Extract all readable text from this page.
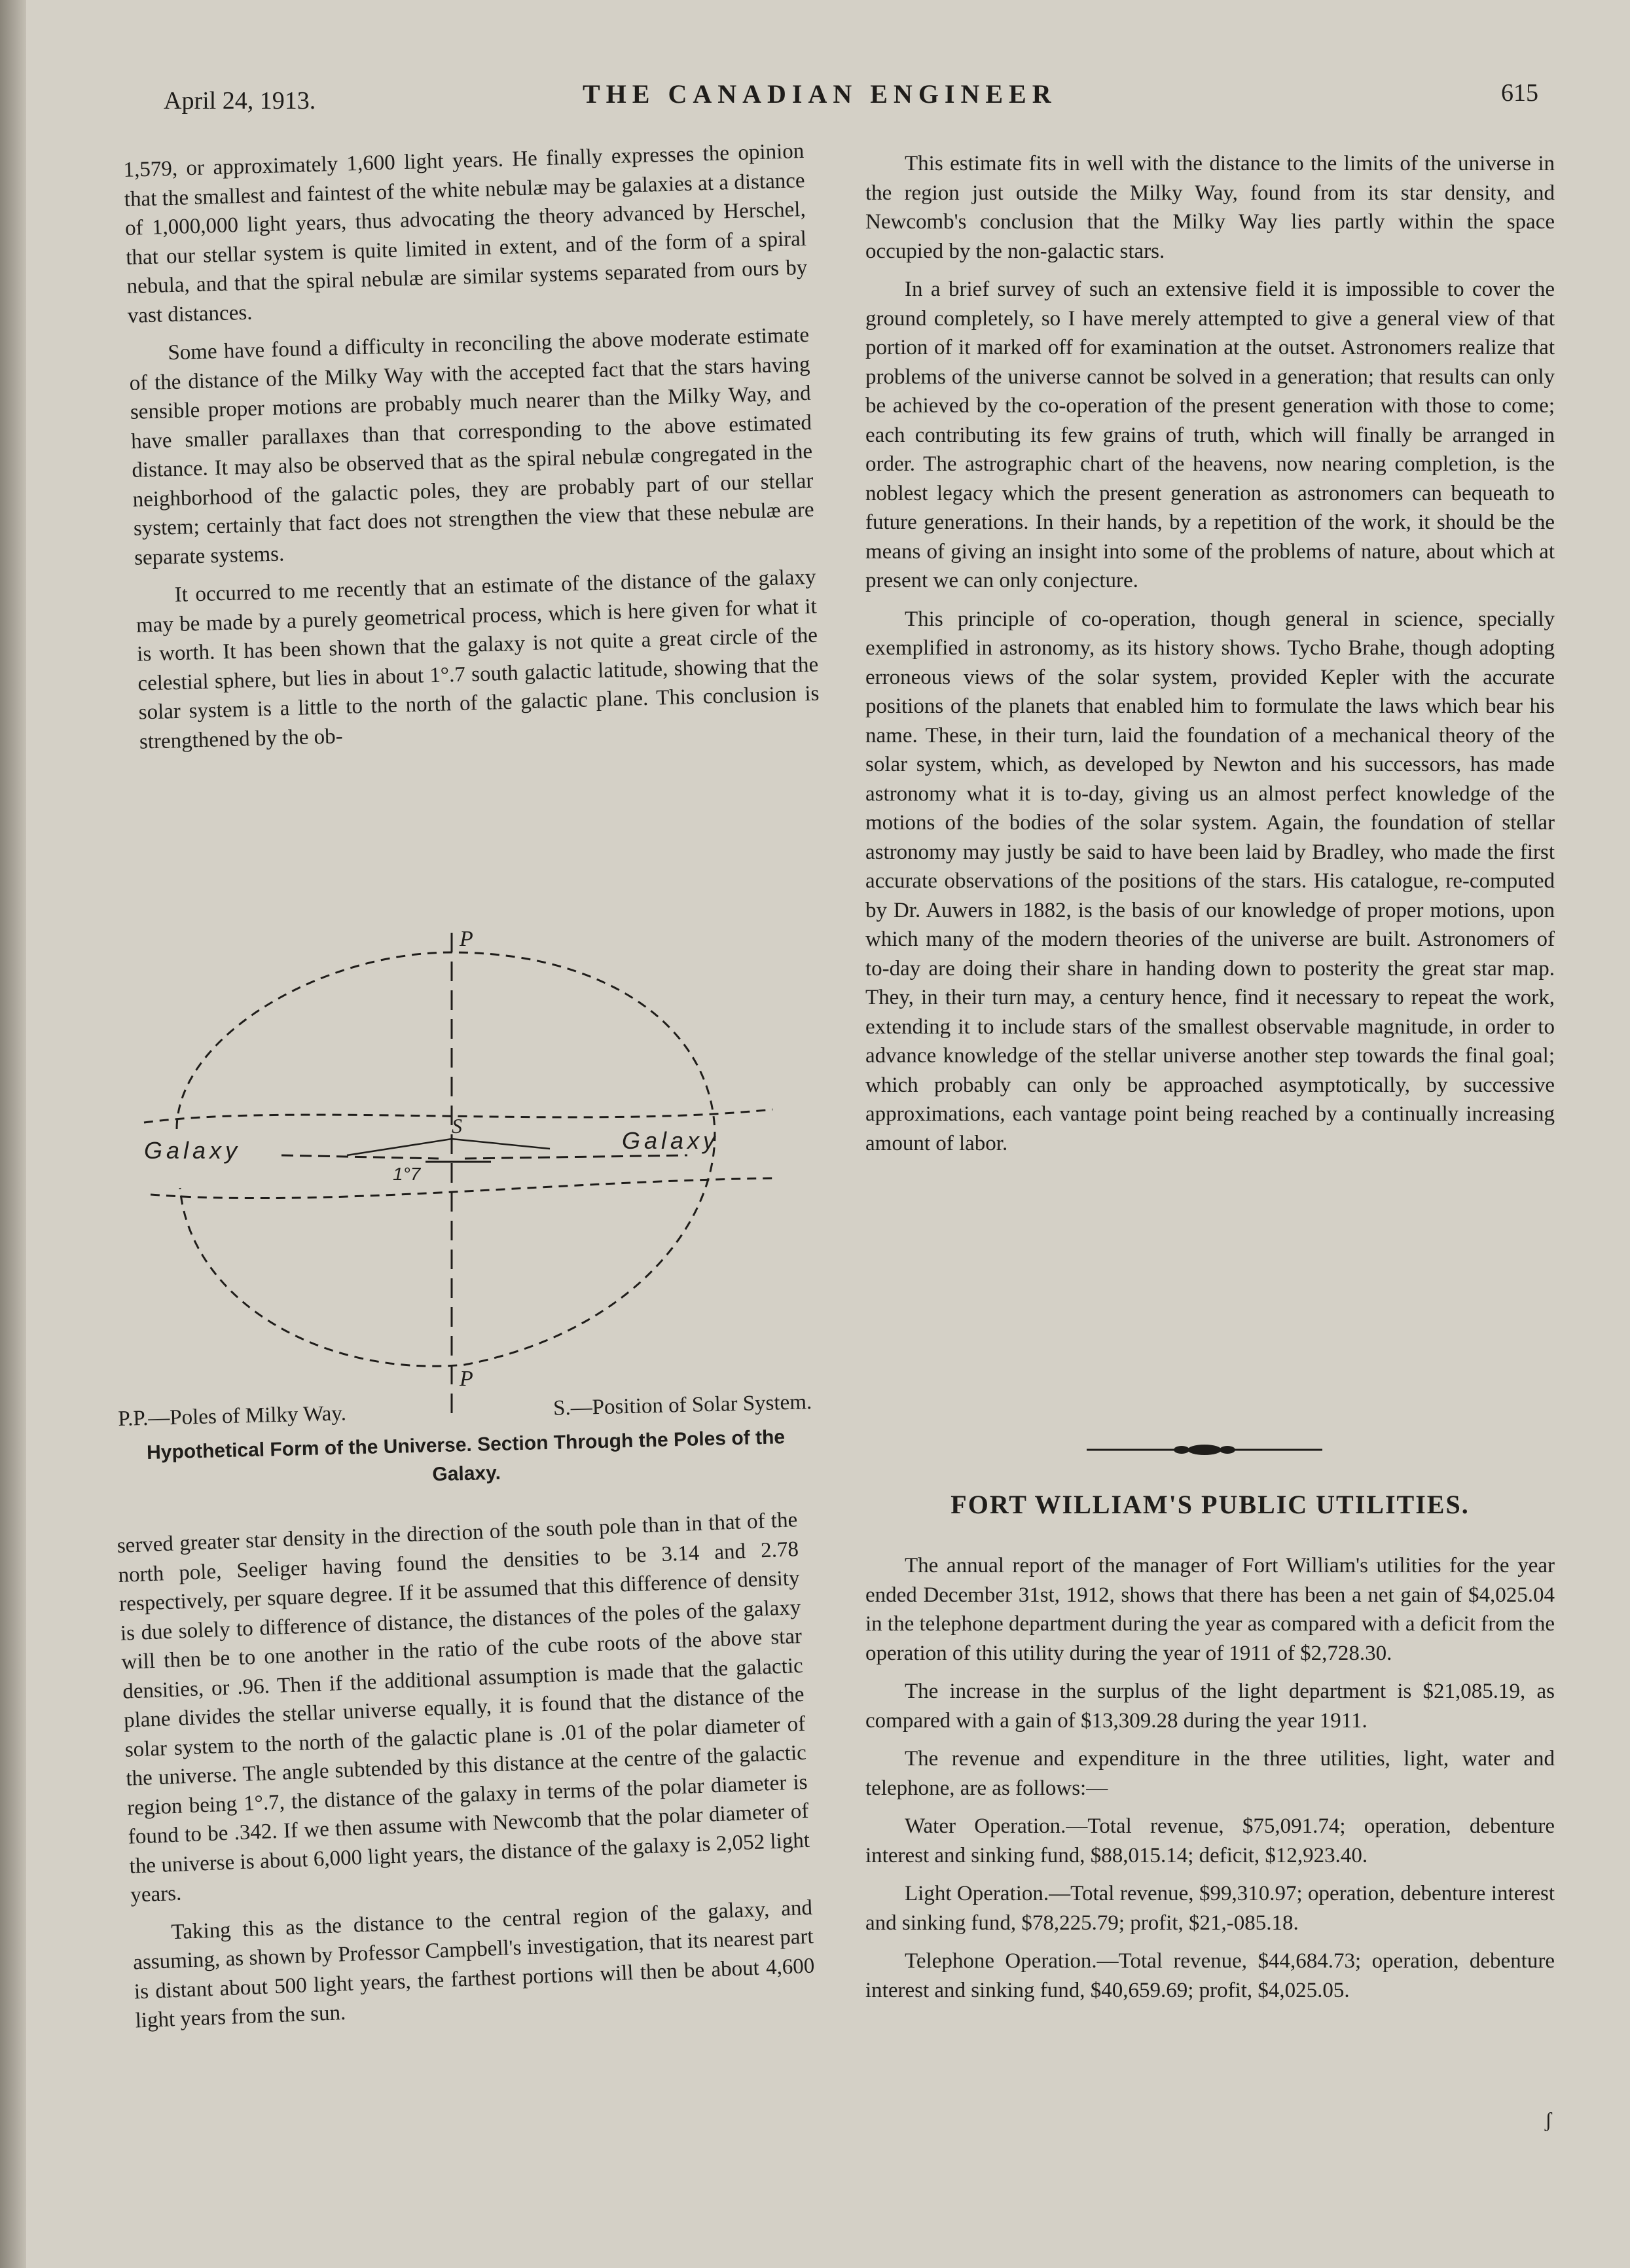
April 24, 1913.	THE CANADIAN ENGINEER	615

1,579, or approximately 1,600 light years. He finally expresses the opinion that the smallest and faintest of the white nebulæ may be galaxies at a distance of 1,000,000 light years, thus advocating the theory advanced by Herschel, that our stellar system is quite limited in extent, and of the form of a spiral nebula, and that the spiral nebulæ are similar systems separated from ours by vast distances.

Some have found a difficulty in reconciling the above moderate estimate of the distance of the Milky Way with the accepted fact that the stars having sensible proper motions are probably much nearer than the Milky Way, and have smaller parallaxes than that corresponding to the above estimated distance. It may also be observed that as the spiral nebulæ congregated in the neighborhood of the galactic poles, they are probably part of our stellar system; certainly that fact does not strengthen the view that these nebulæ are separate systems.

It occurred to me recently that an estimate of the distance of the galaxy may be made by a purely geometrical process, which is here given for what it is worth. It has been shown that the galaxy is not quite a great circle of the celestial sphere, but lies in about 1°.7 south galactic latitude, showing that the solar system is a little to the north of the galactic plane. This conclusion is strengthened by the ob-

P
P
S
Galaxy	Galaxy
1°7
P.P.—Poles of Milky Way.	S.—Position of Solar System.
Hypothetical Form of the Universe. Section Through the Poles of the Galaxy.

served greater star density in the direction of the south pole than in that of the north pole, Seeliger having found the densities to be 3.14 and 2.78 respectively, per square degree. If it be assumed that this difference of density is due solely to difference of distance, the distances of the poles of the galaxy will then be to one another in the ratio of the cube roots of the above star densities, or .96. Then if the additional assumption is made that the galactic plane divides the stellar universe equally, it is found that the distance of the solar system to the north of the galactic plane is .01 of the polar diameter of the universe. The angle subtended by this distance at the centre of the galactic region being 1°.7, the distance of the galaxy in terms of the polar diameter is found to be .342. If we then assume with Newcomb that the polar diameter of the universe is about 6,000 light years, the distance of the galaxy is 2,052 light years.

Taking this as the distance to the central region of the galaxy, and assuming, as shown by Professor Campbell's investigation, that its nearest part is distant about 500 light years, the farthest portions will then be about 4,600 light years from the sun.

This estimate fits in well with the distance to the limits of the universe in the region just outside the Milky Way, found from its star density, and Newcomb's conclusion that the Milky Way lies partly within the space occupied by the non-galactic stars.

In a brief survey of such an extensive field it is impossible to cover the ground completely, so I have merely attempted to give a general view of that portion of it marked off for examination at the outset. Astronomers realize that problems of the universe cannot be solved in a generation; that results can only be achieved by the co-operation of the present generation with those to come; each contributing its few grains of truth, which will finally be arranged in order. The astrographic chart of the heavens, now nearing completion, is the noblest legacy which the present generation as astronomers can bequeath to future generations. In their hands, by a repetition of the work, it should be the means of giving an insight into some of the problems of nature, about which at present we can only conjecture.

This principle of co-operation, though general in science, specially exemplified in astronomy, as its history shows. Tycho Brahe, though adopting erroneous views of the solar system, provided Kepler with the accurate positions of the planets that enabled him to formulate the laws which bear his name. These, in their turn, laid the foundation of a mechanical theory of the solar system, which, as developed by Newton and his successors, has made astronomy what it is to-day, giving us an almost perfect knowledge of the motions of the bodies of the solar system. Again, the foundation of stellar astronomy may justly be said to have been laid by Bradley, who made the first accurate observations of the positions of the stars. His catalogue, re-computed by Dr. Auwers in 1882, is the basis of our knowledge of proper motions, upon which many of the modern theories of the universe are built. Astronomers of to-day are doing their share in handing down to posterity the great star map. They, in their turn may, a century hence, find it necessary to repeat the work, extending it to include stars of the smallest observable magnitude, in order to advance knowledge of the stellar universe another step towards the final goal; which probably can only be approached asymptotically, by successive approximations, each vantage point being reached by a continually increasing amount of labor.

FORT WILLIAM'S PUBLIC UTILITIES.

The annual report of the manager of Fort William's utilities for the year ended December 31st, 1912, shows that there has been a net gain of $4,025.04 in the telephone department during the year as compared with a deficit from the operation of this utility during the year of 1911 of $2,728.30.

The increase in the surplus of the light department is $21,085.19, as compared with a gain of $13,309.28 during the year 1911.

The revenue and expenditure in the three utilities, light, water and telephone, are as follows:—

Water Operation.—Total revenue, $75,091.74; operation, debenture interest and sinking fund, $88,015.14; deficit, $12,923.40.

Light Operation.—Total revenue, $99,310.97; operation, debenture interest and sinking fund, $78,225.79; profit, $21,-085.18.

Telephone Operation.—Total revenue, $44,684.73; operation, debenture interest and sinking fund, $40,659.69; profit, $4,025.05.

ʃ
